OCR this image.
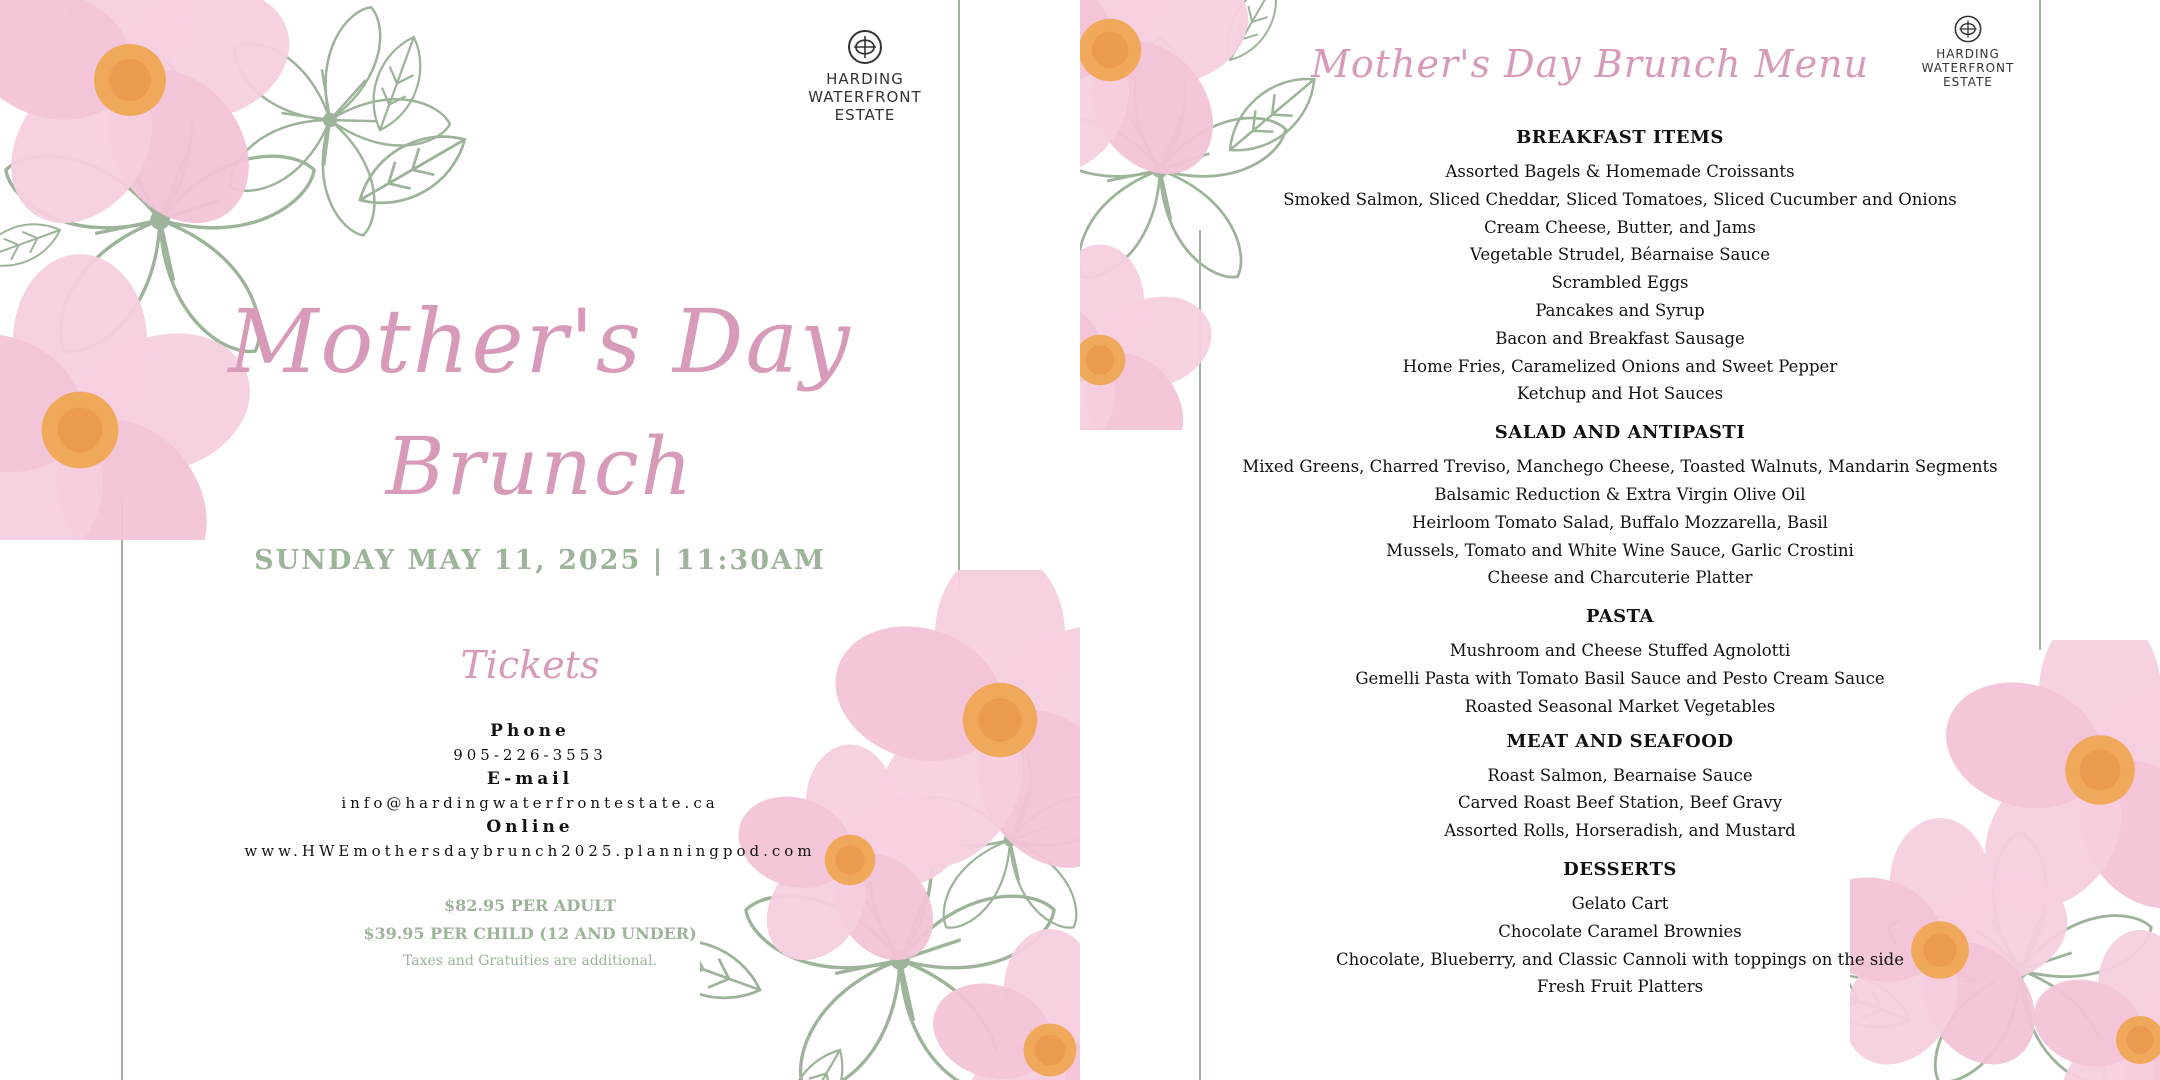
HARDING
WATERFRONT
ESTATE
Mother's Day
Brunch
SUNDAY MAY 11, 2025 | 11:30AM
Tickets
Phone
905-226-3553
E-mail
info@hardingwaterfrontestate.ca
Online
www.HWEmothersdaybrunch2025.planningpod.com
$82.95 PER ADULT
$39.95 PER CHILD (12 AND UNDER)
Taxes and Gratuities are additional.
HARDING
WATERFRONT
ESTATE
Mother's Day Brunch Menu
BREAKFAST ITEMS
Assorted Bagels & Homemade Croissants
Smoked Salmon, Sliced Cheddar, Sliced Tomatoes, Sliced Cucumber and Onions
Cream Cheese, Butter, and Jams
Vegetable Strudel, Béarnaise Sauce
Scrambled Eggs
Pancakes and Syrup
Bacon and Breakfast Sausage
Home Fries, Caramelized Onions and Sweet Pepper
Ketchup and Hot Sauces
SALAD AND ANTIPASTI
Mixed Greens, Charred Treviso, Manchego Cheese, Toasted Walnuts, Mandarin Segments
Balsamic Reduction & Extra Virgin Olive Oil
Heirloom Tomato Salad, Buffalo Mozzarella, Basil
Mussels, Tomato and White Wine Sauce, Garlic Crostini
Cheese and Charcuterie Platter
PASTA
Mushroom and Cheese Stuffed Agnolotti
Gemelli Pasta with Tomato Basil Sauce and Pesto Cream Sauce
Roasted Seasonal Market Vegetables
MEAT AND SEAFOOD
Roast Salmon, Bearnaise Sauce
Carved Roast Beef Station, Beef Gravy
Assorted Rolls, Horseradish, and Mustard
DESSERTS
Gelato Cart
Chocolate Caramel Brownies
Chocolate, Blueberry, and Classic Cannoli with toppings on the side
Fresh Fruit Platters
